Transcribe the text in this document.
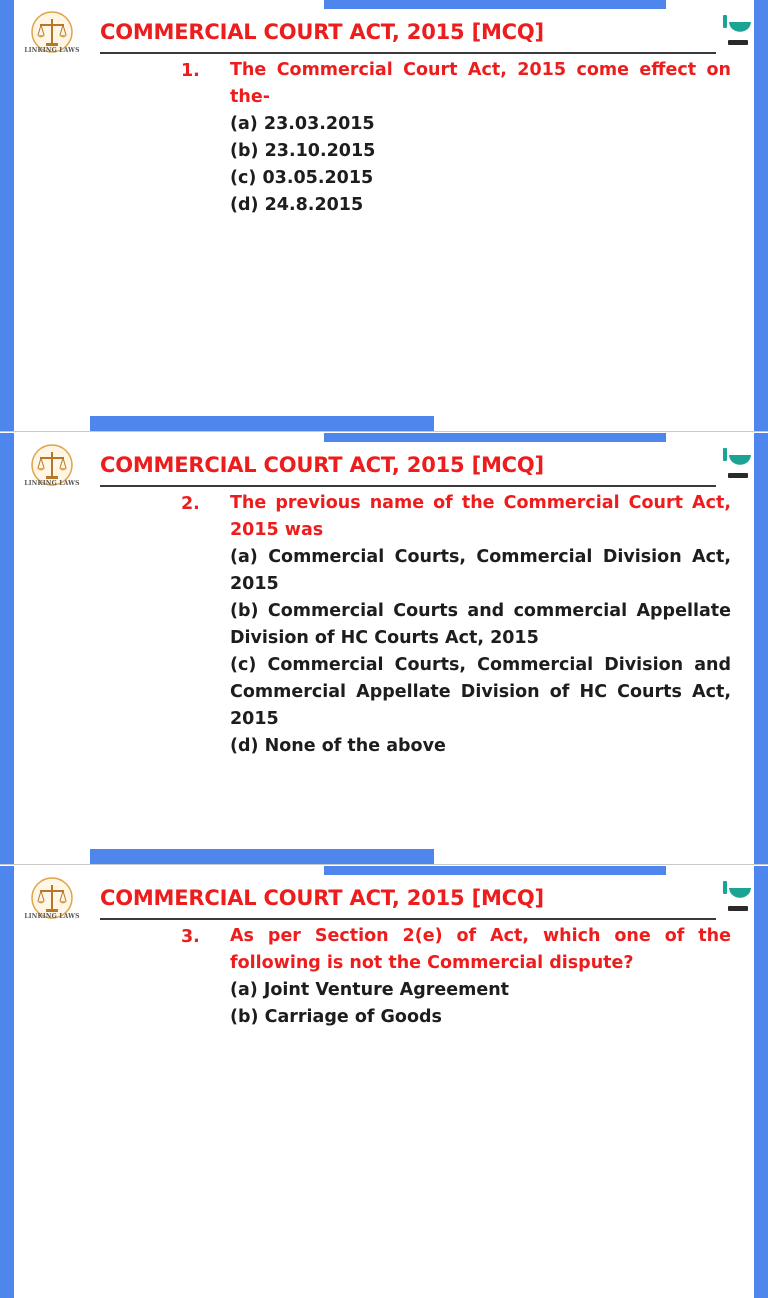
LINKING LAWS
COMMERCIAL COURT ACT, 2015 [MCQ]
1. The Commercial Court Act, 2015 come effect on the-

(a) 23.03.2015
(b) 23.10.2015
(c) 03.05.2015
(d) 24.8.2015
LINKING LAWS
COMMERCIAL COURT ACT, 2015 [MCQ]
2. The previous name of the Commercial Court Act, 2015 was

(a) Commercial Courts, Commercial Division Act, 2015
(b) Commercial Courts and commercial Appellate Division of HC Courts Act, 2015
(c) Commercial Courts, Commercial Division and Commercial Appellate Division of HC Courts Act, 2015
(d) None of the above
LINKING LAWS
COMMERCIAL COURT ACT, 2015 [MCQ]
3. As per Section 2(e) of Act, which one of the following is not the Commercial dispute?

(a) Joint Venture Agreement
(b) Carriage of Goods
